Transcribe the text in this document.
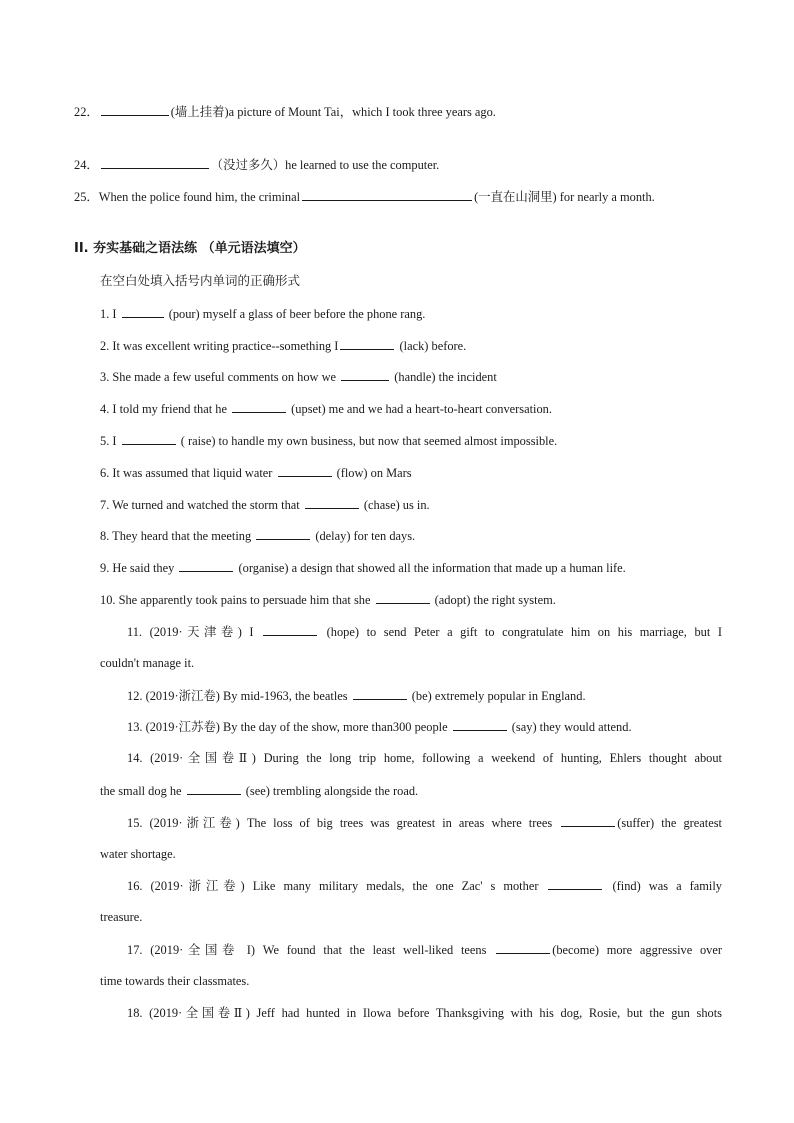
22．	(墙上挂着)a picture of Mount Tai，which I took three years ago.
24．	（没过多久）he learned to use the computer.
25．When the police found him, the criminal	(一直在山洞里) for nearly a month.
II. 夯实基础之语法练 （单元语法填空）
在空白处填入括号内单词的正确形式
1. I	(pour) myself a glass of beer before the phone rang.
2. It was excellent writing practice--something I	(lack) before.
3. She made a few useful comments on how we	(handle) the incident
4. I told my friend that he	(upset) me and we had a heart-to-heart conversation.
5. I	( raise) to handle my own business, but now that seemed almost impossible.
6. It was assumed that liquid water	(flow) on Mars
7. We turned and watched the storm that	(chase) us in.
8. They heard that the meeting	(delay) for ten days.
9. He said they	(organise) a design that showed all the information that made up a human life.
10. She apparently took pains to persuade him that she	(adopt) the right system.
11. (2019·天津卷) I	(hope) to send Peter a gift to congratulate him on his marriage, but I
couldn't manage it.
12. (2019·浙江卷) By mid-1963, the beatles	(be) extremely popular in England.
13. (2019·江苏卷) By the day of the show, more than300 people	(say) they would attend.
14. (2019·全国卷Ⅱ) During the long trip home, following a weekend of hunting, Ehlers thought about
the small dog he	(see) trembling alongside the road.
15. (2019·浙江卷) The loss of big trees was greatest in areas where trees	(suffer) the greatest
water shortage.
16. (2019·浙江卷) Like many military medals, the one Zac' s mother	(find) was a family
treasure.
17. (2019·全国卷 I) We found that the least well-liked teens	(become) more aggressive over
time towards their classmates.
18. (2019·全国卷Ⅱ) Jeff had hunted in Ilowa before Thanksgiving with his dog, Rosie, but the gun shots
